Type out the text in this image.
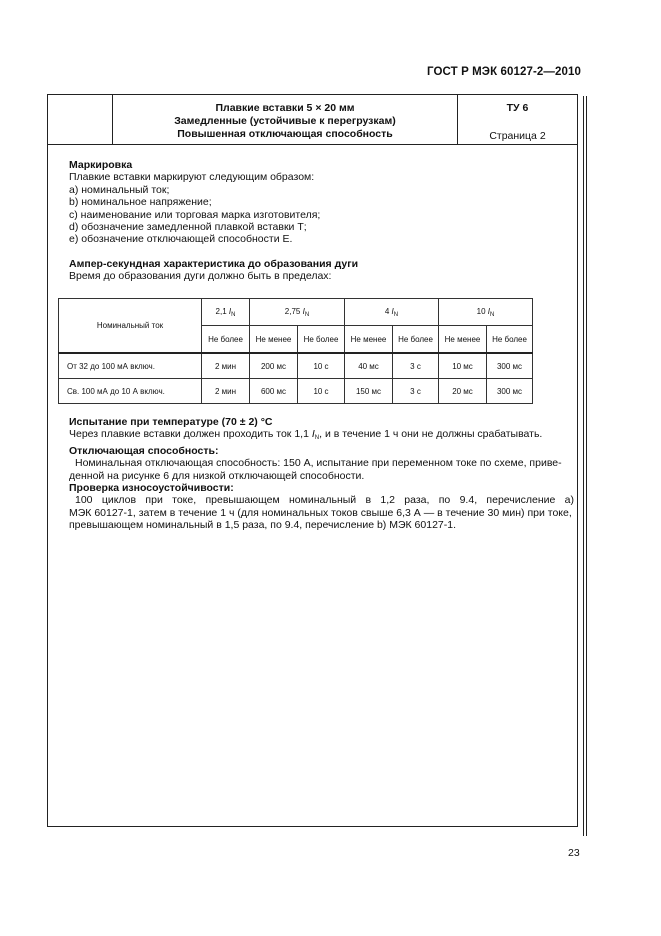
ГОСТ Р МЭК 60127-2—2010
Плавкие вставки 5 × 20 мм
Замедленные (устойчивые к перегрузкам)
Повышенная отключающая способность
ТУ 6
Страница 2
Маркировка
Плавкие вставки маркируют следующим образом:
а) номинальный ток;
b) номинальное напряжение;
c) наименование или торговая марка изготовителя;
d) обозначение замедленной плавкой вставки Т;
е) обозначение отключающей способности Е.
Ампер-секундная характеристика до образования дуги
Время до образования дуги должно быть в пределах:
Номинальный ток	2,1 $I_N$	2,75 $I_N$		4 $I_N$		10 $I_N$
	Не более	Не менее	Не более	Не менее	Не более	Не менее	Не более
От 32 до 100 мА включ.	2 мин	200 мс	10 с	40 мс	3 с	10 мс	300 мс
Св. 100 мА до 10 А включ.	2 мин	600 мс	10 с	150 мс	3 с	20 мс	300 мс
Испытание при температуре (70 ± 2) °С
Через плавкие вставки должен проходить ток 1,1 $I_N$, и в течение 1 ч они не должны срабатывать.
Отключающая способность:
Номинальная отключающая способность: 150 А, испытание при переменном токе по схеме, приве-
денной на рисунке 6 для низкой отключающей способности.
Проверка износоустойчивости:
100 циклов при токе, превышающем номинальный в 1,2 раза, по 9.4, перечисление а)
МЭК 60127-1, затем в течение 1 ч (для номинальных токов свыше 6,3 А — в течение 30 мин) при токе,
превышающем номинальный в 1,5 раза, по 9.4, перечисление b) МЭК 60127-1.
23
